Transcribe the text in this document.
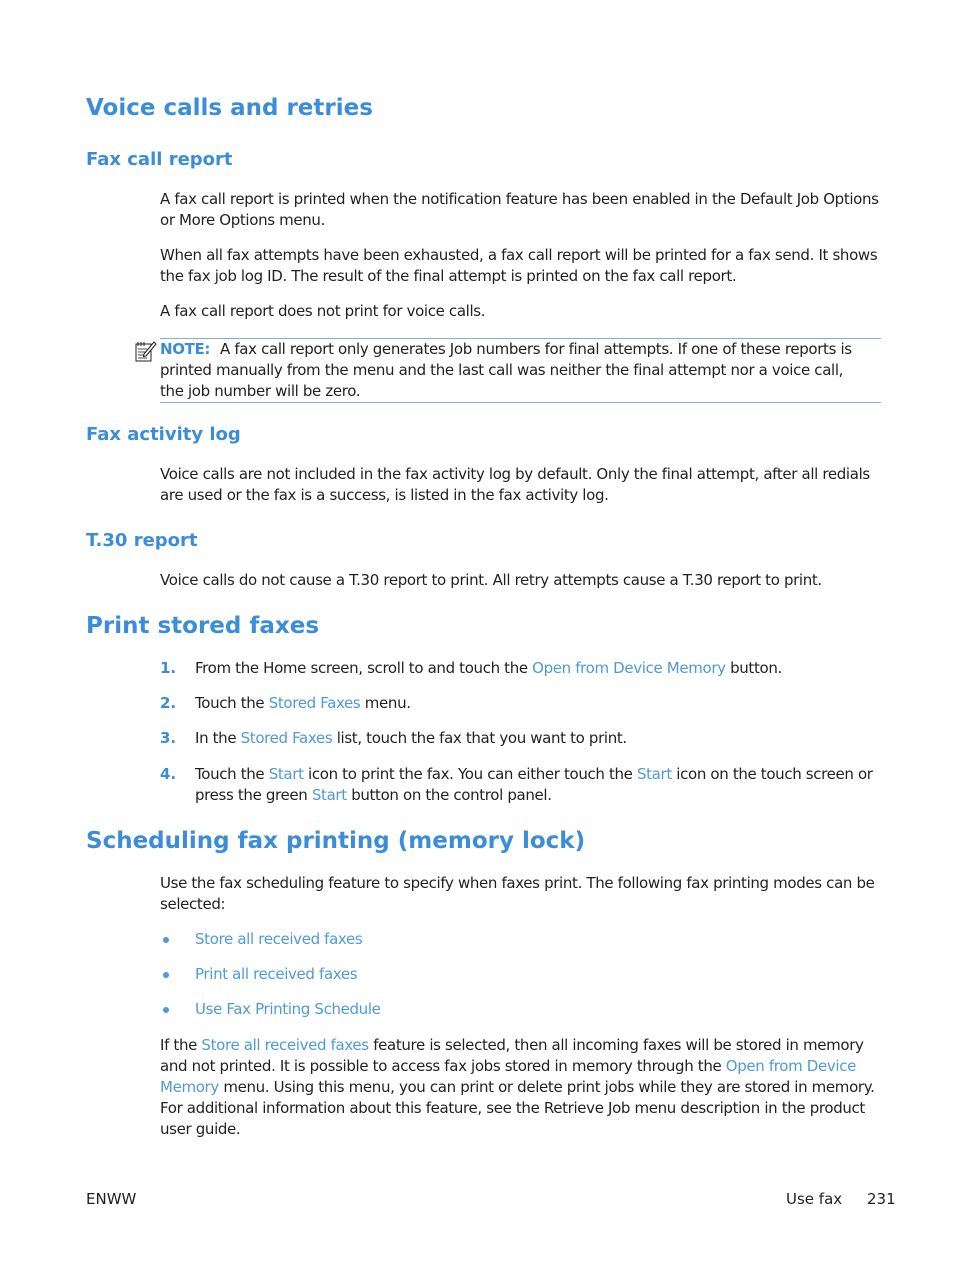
Voice calls and retries
Fax call report
A fax call report is printed when the notification feature has been enabled in the Default Job Options or More Options menu.
When all fax attempts have been exhausted, a fax call report will be printed for a fax send. It shows the fax job log ID. The result of the final attempt is printed on the fax call report.
A fax call report does not print for voice calls.
NOTE: A fax call report only generates Job numbers for final attempts. If one of these reports is printed manually from the menu and the last call was neither the final attempt nor a voice call, the job number will be zero.
Fax activity log
Voice calls are not included in the fax activity log by default. Only the final attempt, after all redials are used or the fax is a success, is listed in the fax activity log.
T.30 report
Voice calls do not cause a T.30 report to print. All retry attempts cause a T.30 report to print.
Print stored faxes
1. From the Home screen, scroll to and touch the Open from Device Memory button.
2. Touch the Stored Faxes menu.
3. In the Stored Faxes list, touch the fax that you want to print.
4. Touch the Start icon to print the fax. You can either touch the Start icon on the touch screen or press the green Start button on the control panel.
Scheduling fax printing (memory lock)
Use the fax scheduling feature to specify when faxes print. The following fax printing modes can be selected:
Store all received faxes
Print all received faxes
Use Fax Printing Schedule
If the Store all received faxes feature is selected, then all incoming faxes will be stored in memory and not printed. It is possible to access fax jobs stored in memory through the Open from Device Memory menu. Using this menu, you can print or delete print jobs while they are stored in memory. For additional information about this feature, see the Retrieve Job menu description in the product user guide.
ENWW	Use fax 231
